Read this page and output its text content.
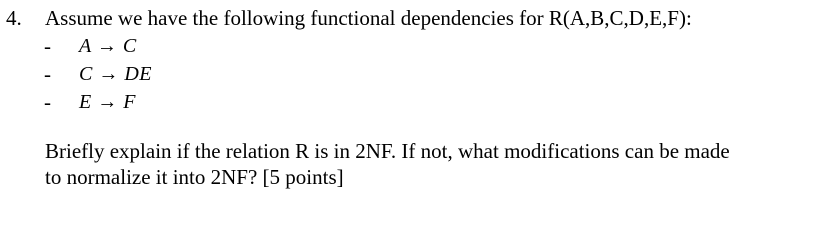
4. Assume we have the following functional dependencies for R(A,B,C,D,E,F):
- A → C
- C → DE
- E → F
Briefly explain if the relation R is in 2NF. If not, what modifications can be made
to normalize it into 2NF? [5 points]
